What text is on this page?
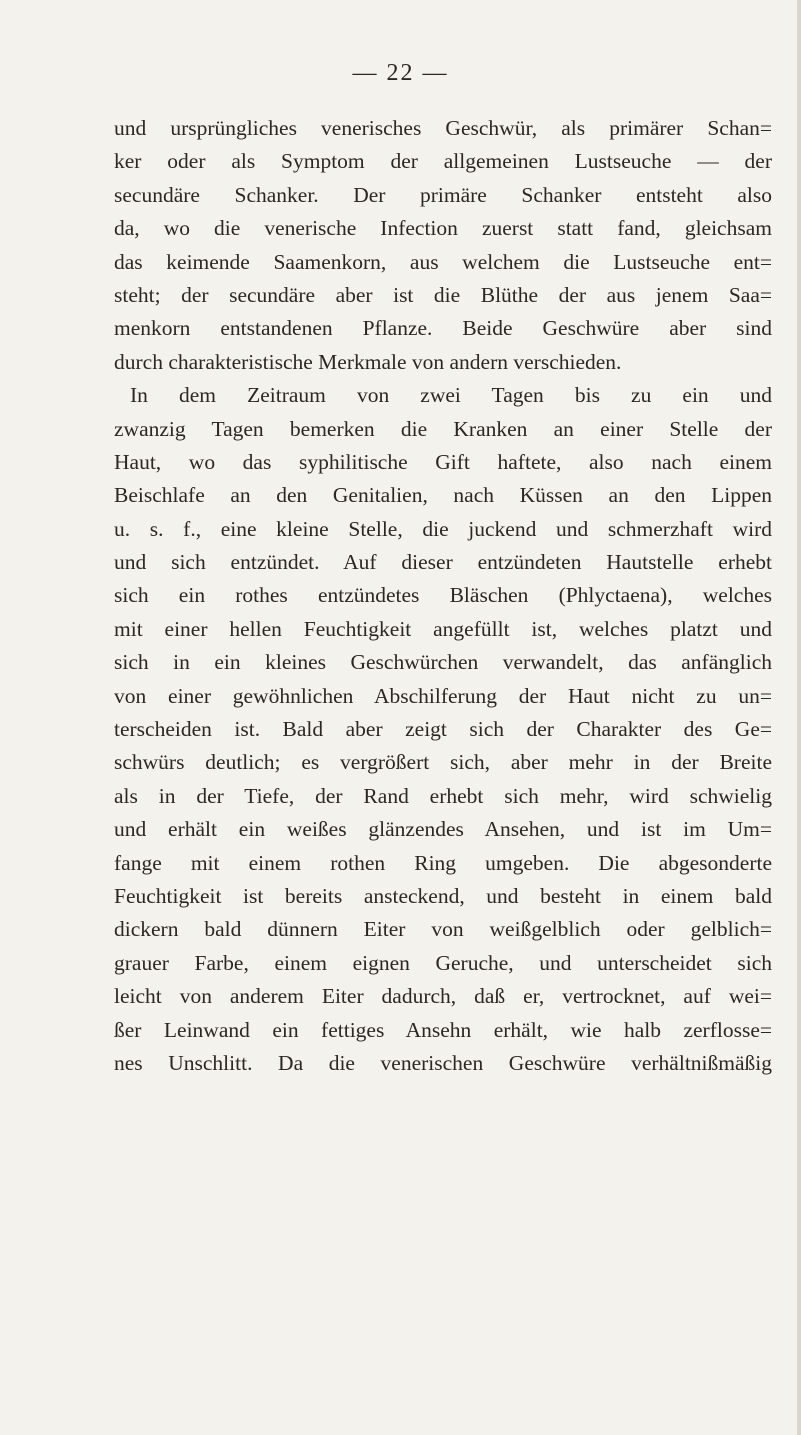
— 22 —
und ursprüngliches venerisches Geschwür, als primärer Schan=
ker oder als Symptom der allgemeinen Lustseuche — der
secundäre Schanker. Der primäre Schanker entsteht also
da, wo die venerische Infection zuerst statt fand, gleichsam
das keimende Saamenkorn, aus welchem die Lustseuche ent=
steht; der secundäre aber ist die Blüthe der aus jenem Saa=
menkorn entstandenen Pflanze. Beide Geschwüre aber sind
durch charakteristische Merkmale von andern verschieden.
In dem Zeitraum von zwei Tagen bis zu ein und
zwanzig Tagen bemerken die Kranken an einer Stelle der
Haut, wo das syphilitische Gift haftete, also nach einem
Beischlafe an den Genitalien, nach Küssen an den Lippen
u. s. f., eine kleine Stelle, die juckend und schmerzhaft wird
und sich entzündet. Auf dieser entzündeten Hautstelle erhebt
sich ein rothes entzündetes Bläschen (Phlyctaena), welches
mit einer hellen Feuchtigkeit angefüllt ist, welches platzt und
sich in ein kleines Geschwürchen verwandelt, das anfänglich
von einer gewöhnlichen Abschilferung der Haut nicht zu un=
terscheiden ist. Bald aber zeigt sich der Charakter des Ge=
schwürs deutlich; es vergrößert sich, aber mehr in der Breite
als in der Tiefe, der Rand erhebt sich mehr, wird schwielig
und erhält ein weißes glänzendes Ansehen, und ist im Um=
fange mit einem rothen Ring umgeben. Die abgesonderte
Feuchtigkeit ist bereits ansteckend, und besteht in einem bald
dickern bald dünnern Eiter von weißgelblich oder gelblich=
grauer Farbe, einem eignen Geruche, und unterscheidet sich
leicht von anderem Eiter dadurch, daß er, vertrocknet, auf wei=
ßer Leinwand ein fettiges Ansehn erhält, wie halb zerflosse=
nes Unschlitt. Da die venerischen Geschwüre verhältnißmäßig
